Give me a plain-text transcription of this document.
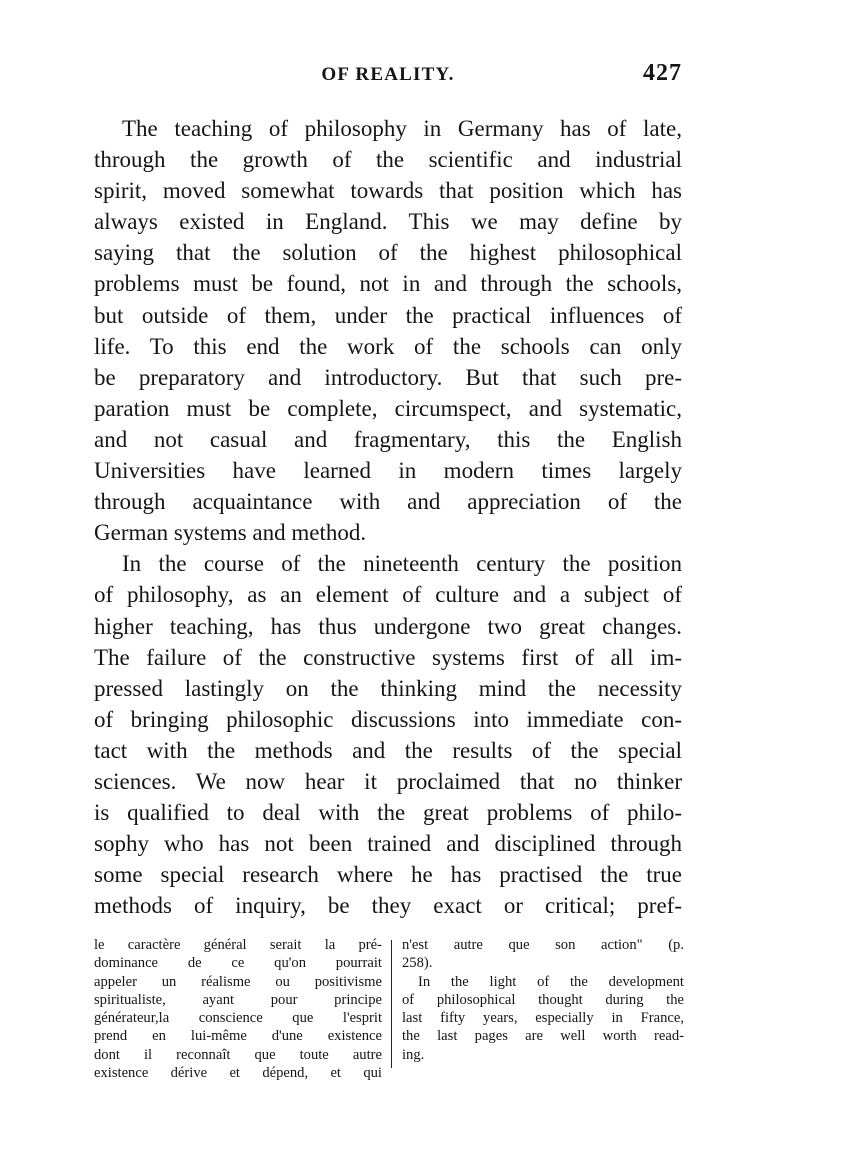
OF REALITY.	427
The teaching of philosophy in Germany has of late,
through the growth of the scientific and industrial
spirit, moved somewhat towards that position which has
always existed in England. This we may define by
saying that the solution of the highest philosophical
problems must be found, not in and through the schools,
but outside of them, under the practical influences of
life. To this end the work of the schools can only
be preparatory and introductory. But that such pre-
paration must be complete, circumspect, and systematic,
and not casual and fragmentary, this the English
Universities have learned in modern times largely
through acquaintance with and appreciation of the
German systems and method.
In the course of the nineteenth century the position
of philosophy, as an element of culture and a subject of
higher teaching, has thus undergone two great changes.
The failure of the constructive systems first of all im-
pressed lastingly on the thinking mind the necessity
of bringing philosophic discussions into immediate con-
tact with the methods and the results of the special
sciences. We now hear it proclaimed that no thinker
is qualified to deal with the great problems of philo-
sophy who has not been trained and disciplined through
some special research where he has practised the true
methods of inquiry, be they exact or critical; pref-
le caractère général serait la pré-
dominance de ce qu'on pourrait
appeler un réalisme ou positivisme
spiritualiste, ayant pour principe
générateur,la conscience que l'esprit
prend en lui-même d'une existence
dont il reconnaît que toute autre
existence dérive et dépend, et qui
n'est autre que son action" (p.
258).
In the light of the development
of philosophical thought during the
last fifty years, especially in France,
the last pages are well worth read-
ing.
